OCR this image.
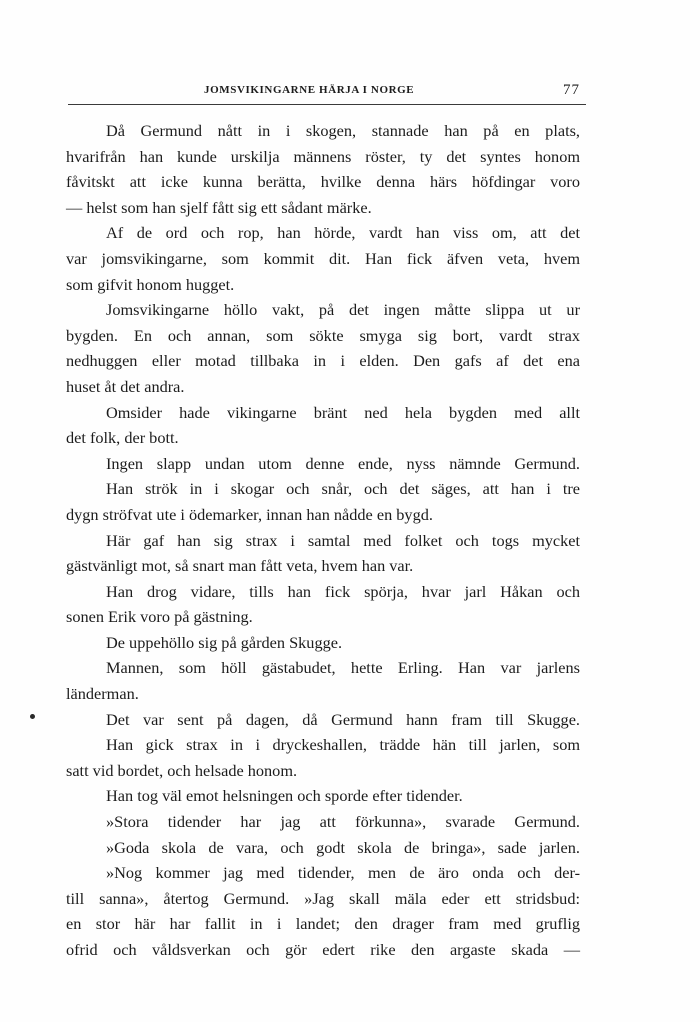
JOMSVIKINGARNE HÄRJA I NORGE	77
Då Germund nått in i skogen, stannade han på en plats,
hvarifrån han kunde urskilja männens röster, ty det syntes honom
fåvitskt att icke kunna berätta, hvilke denna härs höfdingar voro
— helst som han sjelf fått sig ett sådant märke.
Af de ord och rop, han hörde, vardt han viss om, att det
var jomsvikingarne, som kommit dit. Han fick äfven veta, hvem
som gifvit honom hugget.
Jomsvikingarne höllo vakt, på det ingen måtte slippa ut ur
bygden. En och annan, som sökte smyga sig bort, vardt strax
nedhuggen eller motad tillbaka in i elden. Den gafs af det ena
huset åt det andra.
Omsider hade vikingarne bränt ned hela bygden med allt
det folk, der bott.
Ingen slapp undan utom denne ende, nyss nämnde Germund.
Han strök in i skogar och snår, och det säges, att han i tre
dygn ströfvat ute i ödemarker, innan han nådde en bygd.
Här gaf han sig strax i samtal med folket och togs mycket
gästvänligt mot, så snart man fått veta, hvem han var.
Han drog vidare, tills han fick spörja, hvar jarl Håkan och
sonen Erik voro på gästning.
De uppehöllo sig på gården Skugge.
Mannen, som höll gästabudet, hette Erling. Han var jarlens
länderman.
Det var sent på dagen, då Germund hann fram till Skugge.
Han gick strax in i dryckeshallen, trädde hän till jarlen, som
satt vid bordet, och helsade honom.
Han tog väl emot helsningen och sporde efter tidender.
»Stora tidender har jag att förkunna», svarade Germund.
»Goda skola de vara, och godt skola de bringa», sade jarlen.
»Nog kommer jag med tidender, men de äro onda och der-
till sanna», återtog Germund. »Jag skall mäla eder ett stridsbud:
en stor här har fallit in i landet; den drager fram med gruflig
ofrid och våldsverkan och gör edert rike den argaste skada —
